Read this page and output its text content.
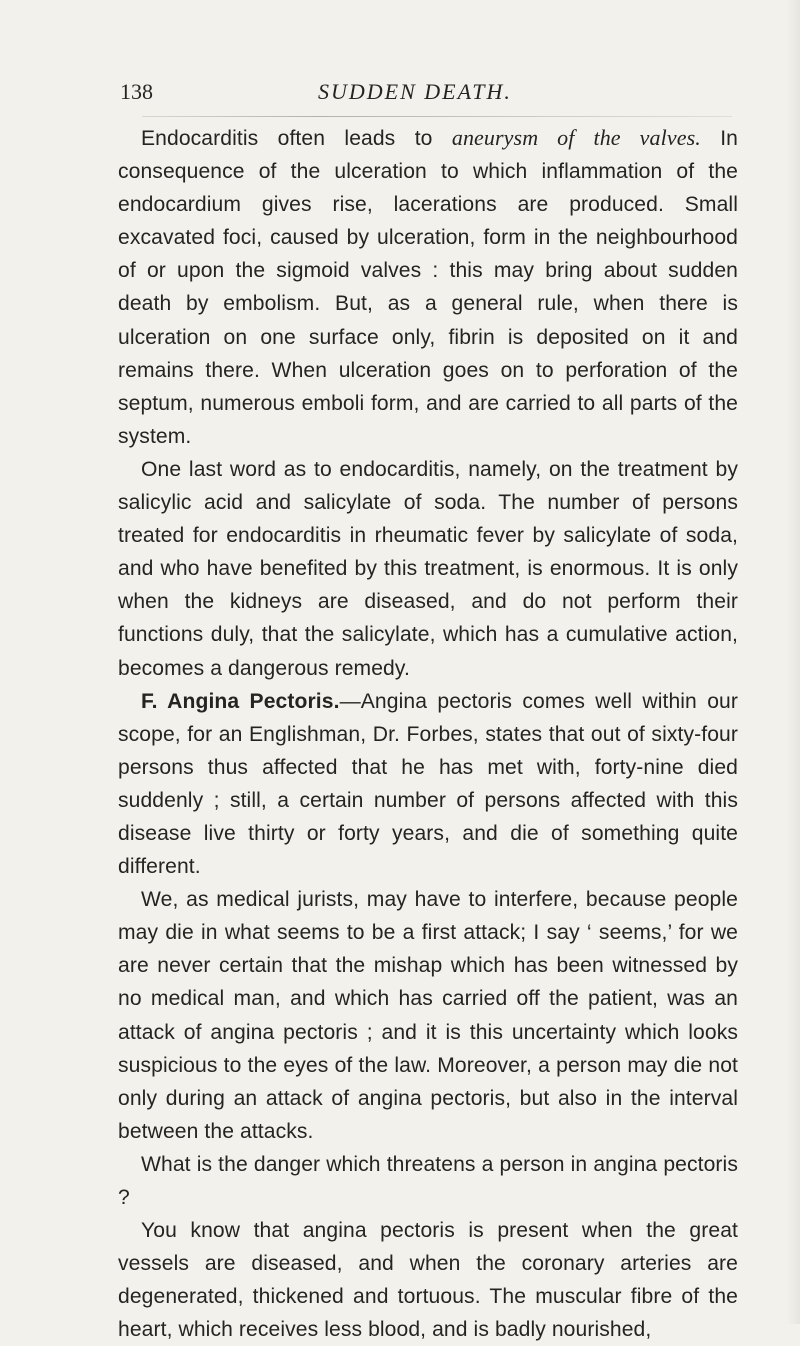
138	SUDDEN DEATH.

Endocarditis often leads to aneurysm of the valves. In consequence of the ulceration to which inflammation of the endocardium gives rise, lacerations are produced. Small excavated foci, caused by ulceration, form in the neighbourhood of or upon the sigmoid valves : this may bring about sudden death by embolism. But, as a general rule, when there is ulceration on one surface only, fibrin is deposited on it and remains there. When ulceration goes on to perforation of the septum, numerous emboli form, and are carried to all parts of the system.

One last word as to endocarditis, namely, on the treatment by salicylic acid and salicylate of soda. The number of persons treated for endocarditis in rheumatic fever by salicylate of soda, and who have benefited by this treatment, is enormous. It is only when the kidneys are diseased, and do not perform their functions duly, that the salicylate, which has a cumulative action, becomes a dangerous remedy.

F. Angina Pectoris.—Angina pectoris comes well within our scope, for an Englishman, Dr. Forbes, states that out of sixty-four persons thus affected that he has met with, forty-nine died suddenly ; still, a certain number of persons affected with this disease live thirty or forty years, and die of something quite different.

We, as medical jurists, may have to interfere, because people may die in what seems to be a first attack; I say ‘ seems,’ for we are never certain that the mishap which has been witnessed by no medical man, and which has carried off the patient, was an attack of angina pectoris ; and it is this uncertainty which looks suspicious to the eyes of the law. Moreover, a person may die not only during an attack of angina pectoris, but also in the interval between the attacks.

What is the danger which threatens a person in angina pectoris ?

You know that angina pectoris is present when the great vessels are diseased, and when the coronary arteries are degenerated, thickened and tortuous. The muscular fibre of the heart, which receives less blood, and is badly nourished,
